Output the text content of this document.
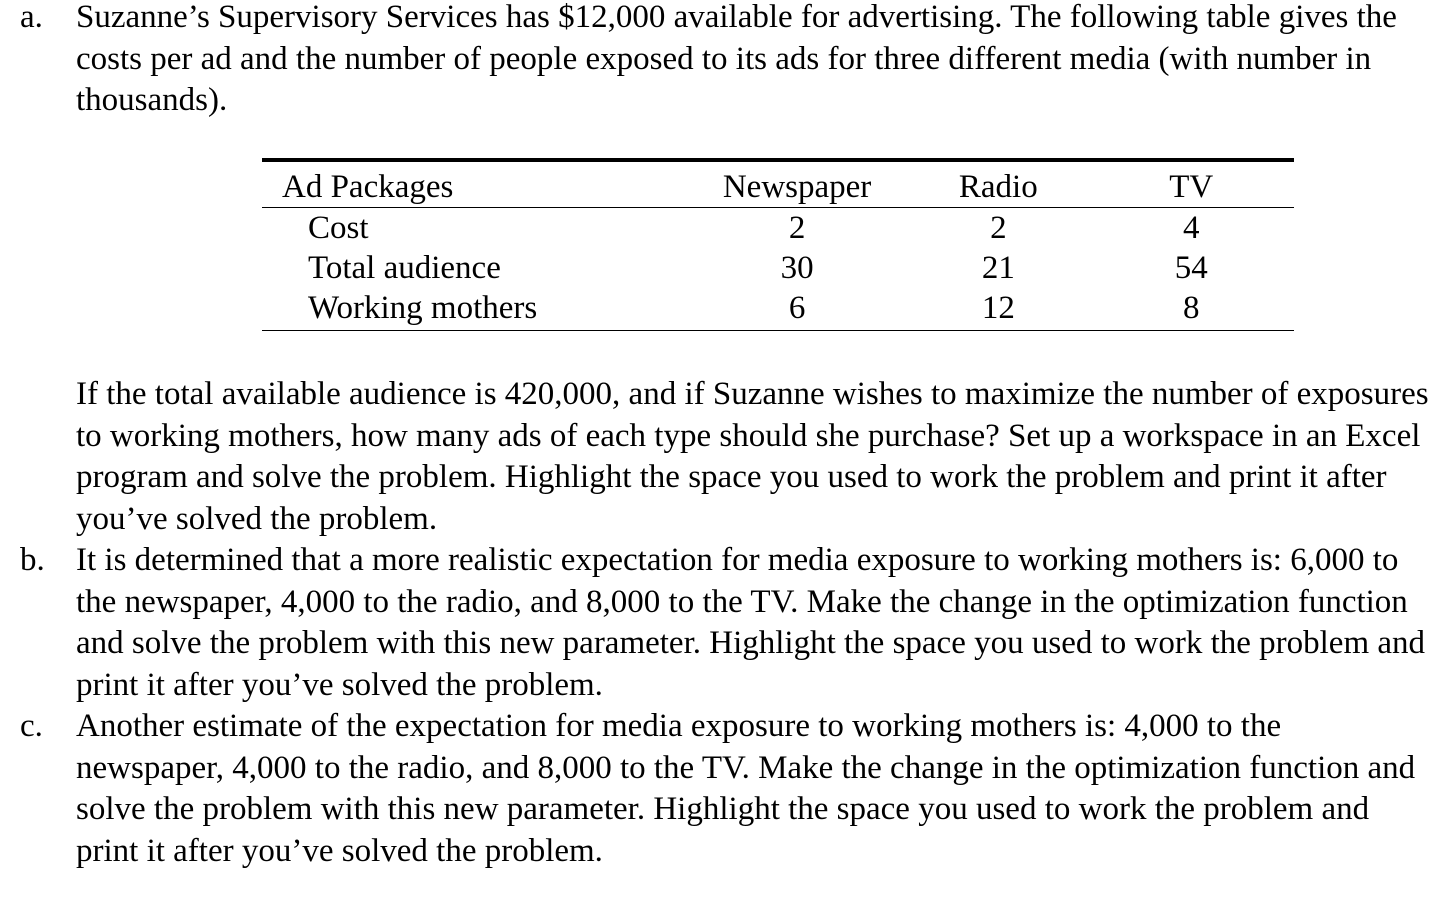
a. Suzanne’s Supervisory Services has $12,000 available for advertising. The following table gives the costs per ad and the number of people exposed to its ads for three different media (with number in thousands).
Ad Packages	Newspaper	Radio	TV
Cost	2	2	4
Total audience	30	21	54
Working mothers	6	12	8
If the total available audience is 420,000, and if Suzanne wishes to maximize the number of exposures to working mothers, how many ads of each type should she purchase? Set up a workspace in an Excel program and solve the problem. Highlight the space you used to work the problem and print it after you’ve solved the problem.
b. It is determined that a more realistic expectation for media exposure to working mothers is: 6,000 to the newspaper, 4,000 to the radio, and 8,000 to the TV. Make the change in the optimization function and solve the problem with this new parameter. Highlight the space you used to work the problem and print it after you’ve solved the problem.
c. Another estimate of the expectation for media exposure to working mothers is: 4,000 to the newspaper, 4,000 to the radio, and 8,000 to the TV. Make the change in the optimization function and solve the problem with this new parameter. Highlight the space you used to work the problem and print it after you’ve solved the problem.
